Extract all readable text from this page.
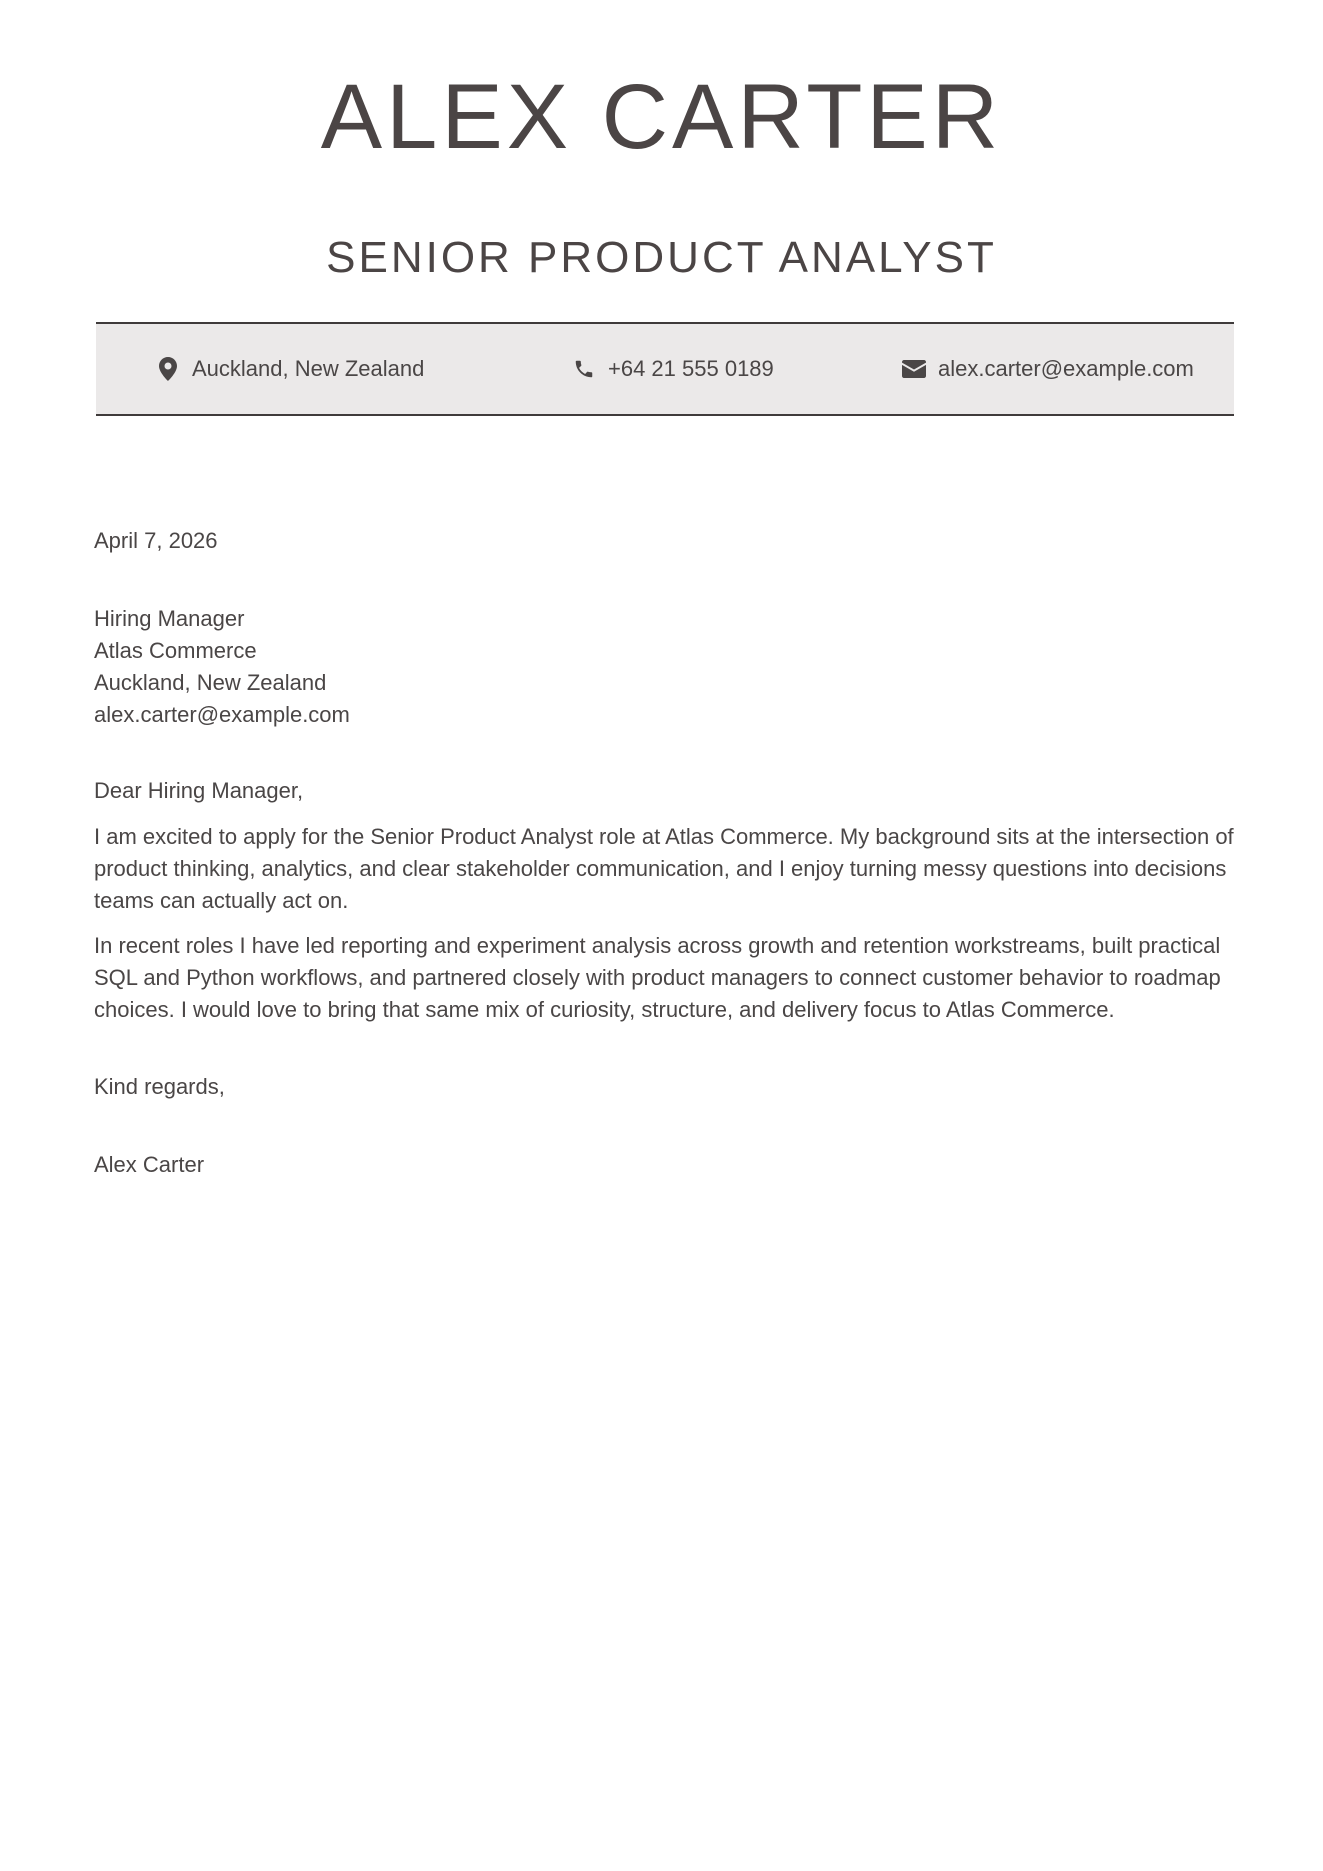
ALEX CARTER
SENIOR PRODUCT ANALYST
Auckland, New Zealand	+64 21 555 0189	alex.carter@example.com
April 7, 2026
Hiring Manager
Atlas Commerce
Auckland, New Zealand
alex.carter@example.com
Dear Hiring Manager,

I am excited to apply for the Senior Product Analyst role at Atlas Commerce. My background sits at the intersection of product thinking, analytics, and clear stakeholder communication, and I enjoy turning messy questions into decisions teams can actually act on.

In recent roles I have led reporting and experiment analysis across growth and retention workstreams, built practical SQL and Python workflows, and partnered closely with product managers to connect customer behavior to roadmap choices. I would love to bring that same mix of curiosity, structure, and delivery focus to Atlas Commerce.

Kind regards,
Alex Carter
